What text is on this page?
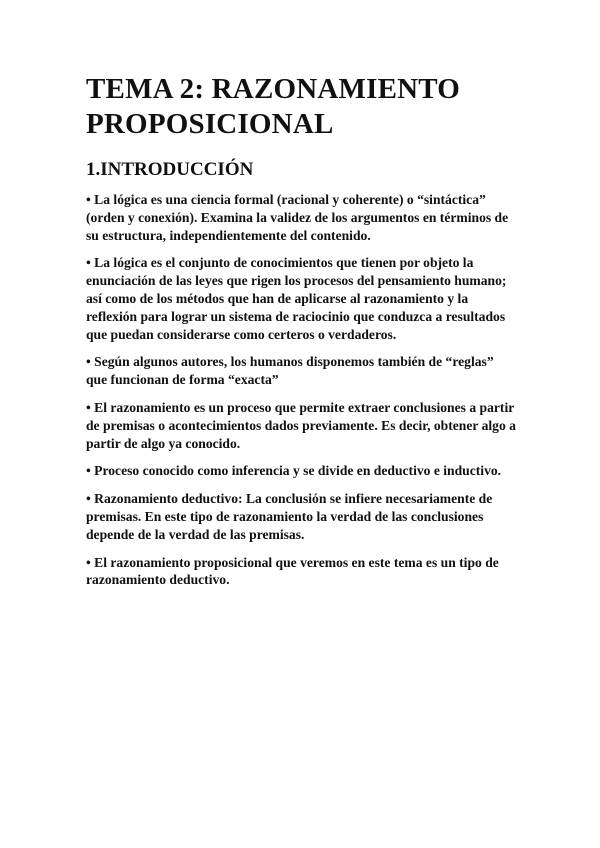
TEMA 2: RAZONAMIENTO PROPOSICIONAL
1.INTRODUCCIÓN

• La lógica es una ciencia formal (racional y coherente) o “sintáctica” (orden y conexión). Examina la validez de los argumentos en términos de su estructura, independientemente del contenido.

• La lógica es el conjunto de conocimientos que tienen por objeto la enunciación de las leyes que rigen los procesos del pensamiento humano; así como de los métodos que han de aplicarse al razonamiento y la reflexión para lograr un sistema de raciocinio que conduzca a resultados que puedan considerarse como certeros o verdaderos.

• Según algunos autores, los humanos disponemos también de “reglas” que funcionan de forma “exacta”

• El razonamiento es un proceso que permite extraer conclusiones a partir de premisas o acontecimientos dados previamente. Es decir, obtener algo a partir de algo ya conocido.

• Proceso conocido como inferencia y se divide en deductivo e inductivo.

• Razonamiento deductivo: La conclusión se infiere necesariamente de premisas. En este tipo de razonamiento la verdad de las conclusiones depende de la verdad de las premisas.

• El razonamiento proposicional que veremos en este tema es un tipo de razonamiento deductivo.
